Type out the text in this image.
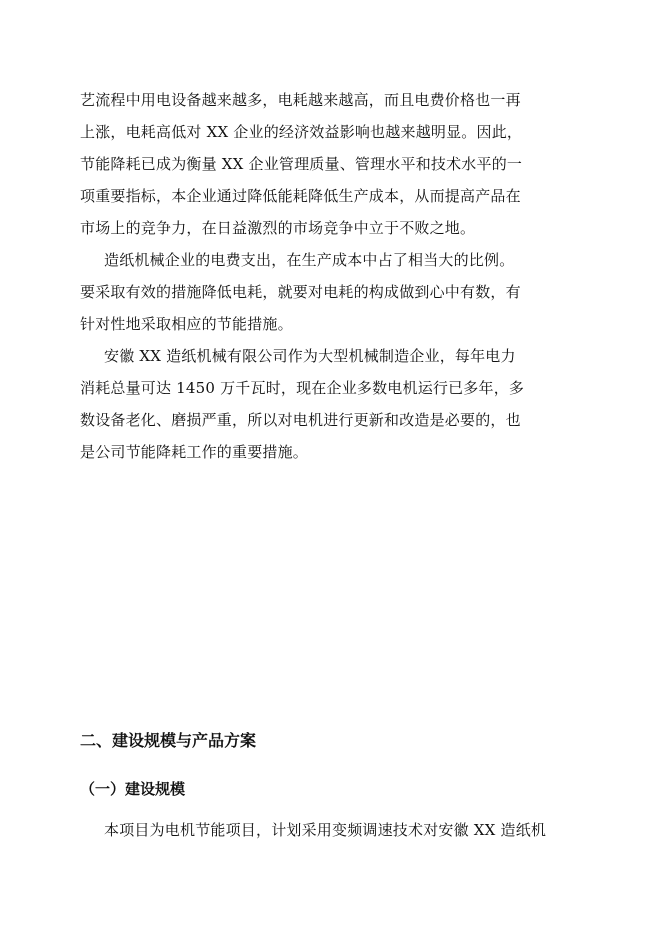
艺流程中用电设备越来越多，电耗越来越高，而且电费价格也一再
上涨，电耗高低对 XX 企业的经济效益影响也越来越明显。因此，
节能降耗已成为衡量 XX 企业管理质量、管理水平和技术水平的一
项重要指标，本企业通过降低能耗降低生产成本，从而提高产品在
市场上的竞争力，在日益激烈的市场竞争中立于不败之地。
造纸机械企业的电费支出，在生产成本中占了相当大的比例。
要采取有效的措施降低电耗，就要对电耗的构成做到心中有数，有
针对性地采取相应的节能措施。
安徽 XX 造纸机械有限公司作为大型机械制造企业，每年电力
消耗总量可达 1450 万千瓦时，现在企业多数电机运行已多年，多
数设备老化、磨损严重，所以对电机进行更新和改造是必要的，也
是公司节能降耗工作的重要措施。
二、建设规模与产品方案
（一）建设规模
本项目为电机节能项目，计划采用变频调速技术对安徽 XX 造纸机
